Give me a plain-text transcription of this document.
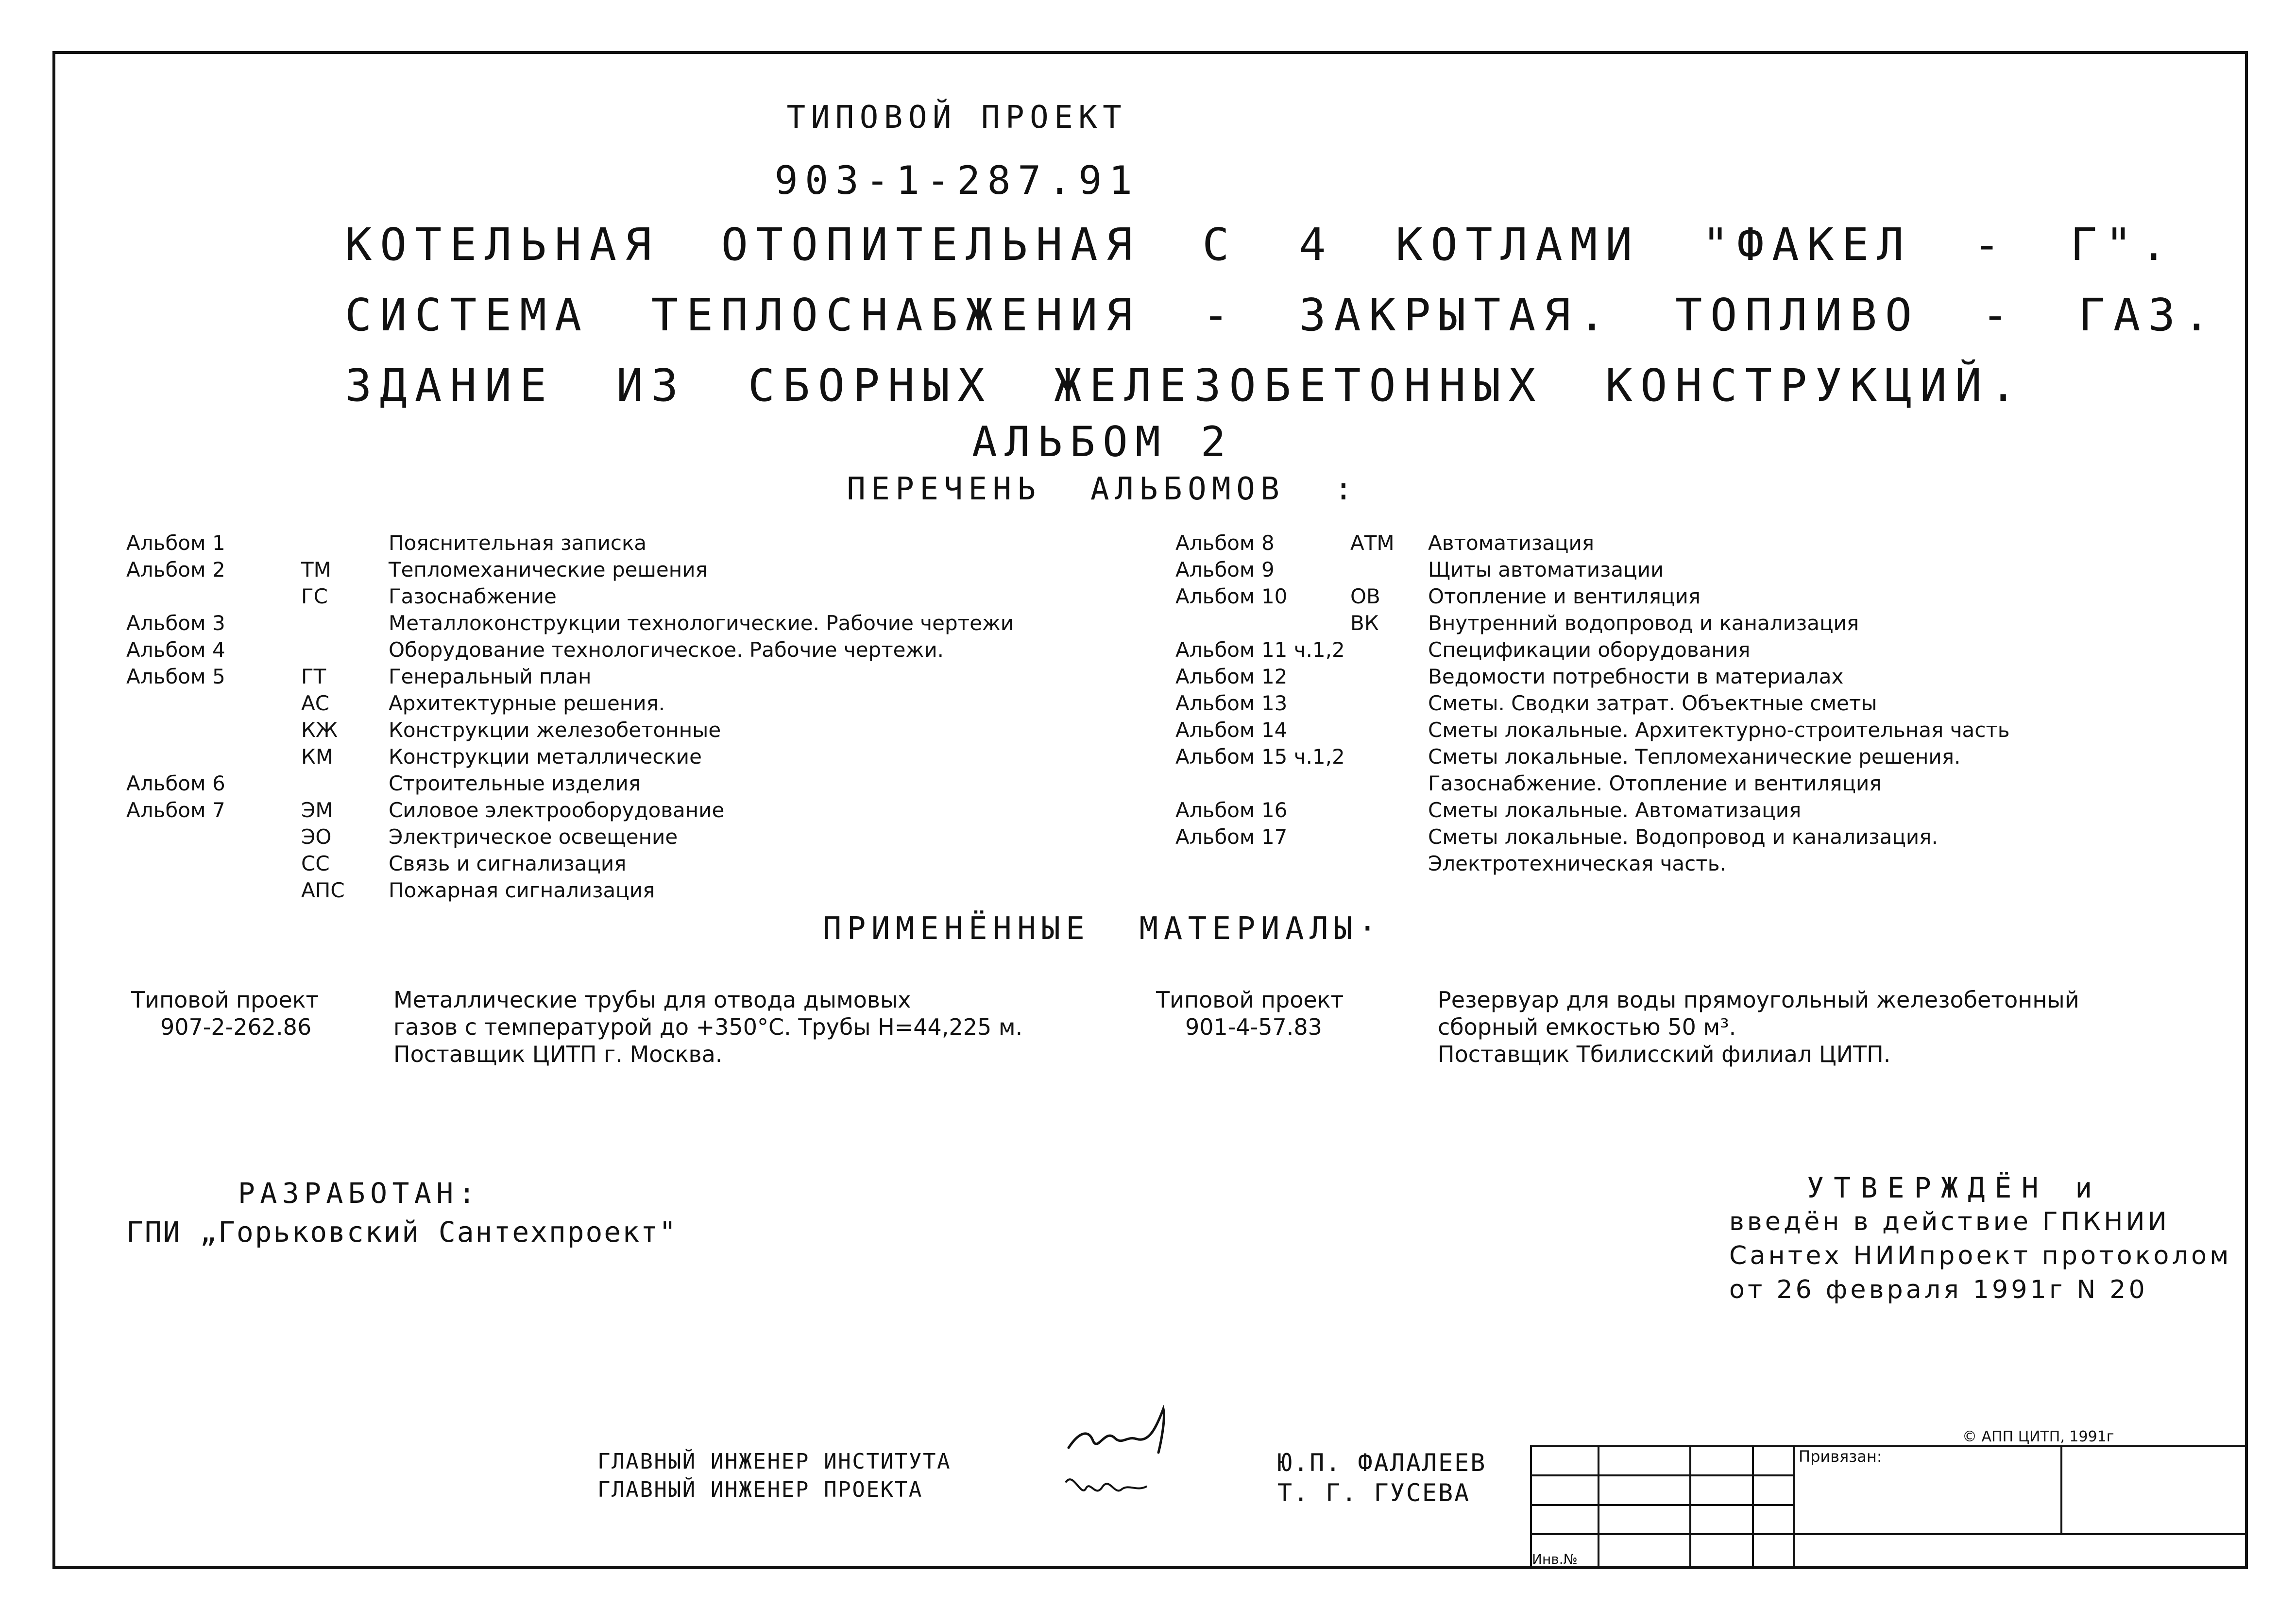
ТИПОВОЙ ПРОЕКТ
903-1-287.91
КОТЕЛЬНАЯ ОТОПИТЕЛЬНАЯ С 4 КОТЛАМИ "ФАКЕЛ - Г".
СИСТЕМА ТЕПЛОСНАБЖЕНИЯ - ЗАКРЫТАЯ. ТОПЛИВО - ГАЗ.
ЗДАНИЕ ИЗ СБОРНЫХ ЖЕЛЕЗОБЕТОННЫХ КОНСТРУКЦИЙ.
АЛЬБОМ 2
ПЕРЕЧЕНЬ АЛЬБОМОВ :
Альбом 1	Пояснительная записка
Альбом 2	ТМ	Тепломеханические решения
ГС	Газоснабжение
Альбом 3	Металлоконструкции технологические. Рабочие чертежи
Альбом 4	Оборудование технологическое. Рабочие чертежи.
Альбом 5	ГТ	Генеральный план
АС	Архитектурные решения.
КЖ Конструкции железобетонные
КМ	Конструкции металлические
Альбом 6	Строительные изделия
Альбом 7	ЭМ	Силовое электрооборудование
ЭО	Электрическое освещение
СС	Связь и сигнализация
АПС Пожарная сигнализация
Альбом 8	АТМ Автоматизация
Альбом 9	Щиты автоматизации
Альбом 10	ОВ Отопление и вентиляция
ВК Внутренний водопровод и канализация
Альбом 11 ч.1,2	Спецификации оборудования
Альбом 12	Ведомости потребности в материалах
Альбом 13	Сметы. Сводки затрат. Объектные сметы
Альбом 14	Сметы локальные. Архитектурно-строительная часть
Альбом 15 ч.1,2	Сметы локальные. Тепломеханические решения.
Газоснабжение. Отопление и вентиляция
Альбом 16	Сметы локальные. Автоматизация
Альбом 17	Сметы локальные. Водопровод и канализация.
Электротехническая часть.
ПРИМЕНЁННЫЕ МАТЕРИАЛЫ·
Типовой проект
907-2-262.86
Металлические трубы для отвода дымовых
газов с температурой до +350°С. Трубы Н=44,225 м.
Поставщик ЦИТП г. Москва.
Типовой проект
901-4-57.83
Резервуар для воды прямоугольный железобетонный
сборный емкостью 50 м³.
Поставщик Тбилисский филиал ЦИТП.
РАЗРАБОТАН:
ГПИ „Горьковский Сантехпроект"
УТВЕРЖДЁН и
введён в действие ГПКНИИ
Сантех НИИпроект протоколом
от 26 февраля 1991г N 20
ГЛАВНЫЙ ИНЖЕНЕР ИНСТИТУТА
ГЛАВНЫЙ ИНЖЕНЕР ПРОЕКТА
Ю.П. ФАЛАЛЕЕВ
Т. Г. ГУСЕВА
© АПП ЦИТП, 1991г
				Привязан:	

Инв.№					
